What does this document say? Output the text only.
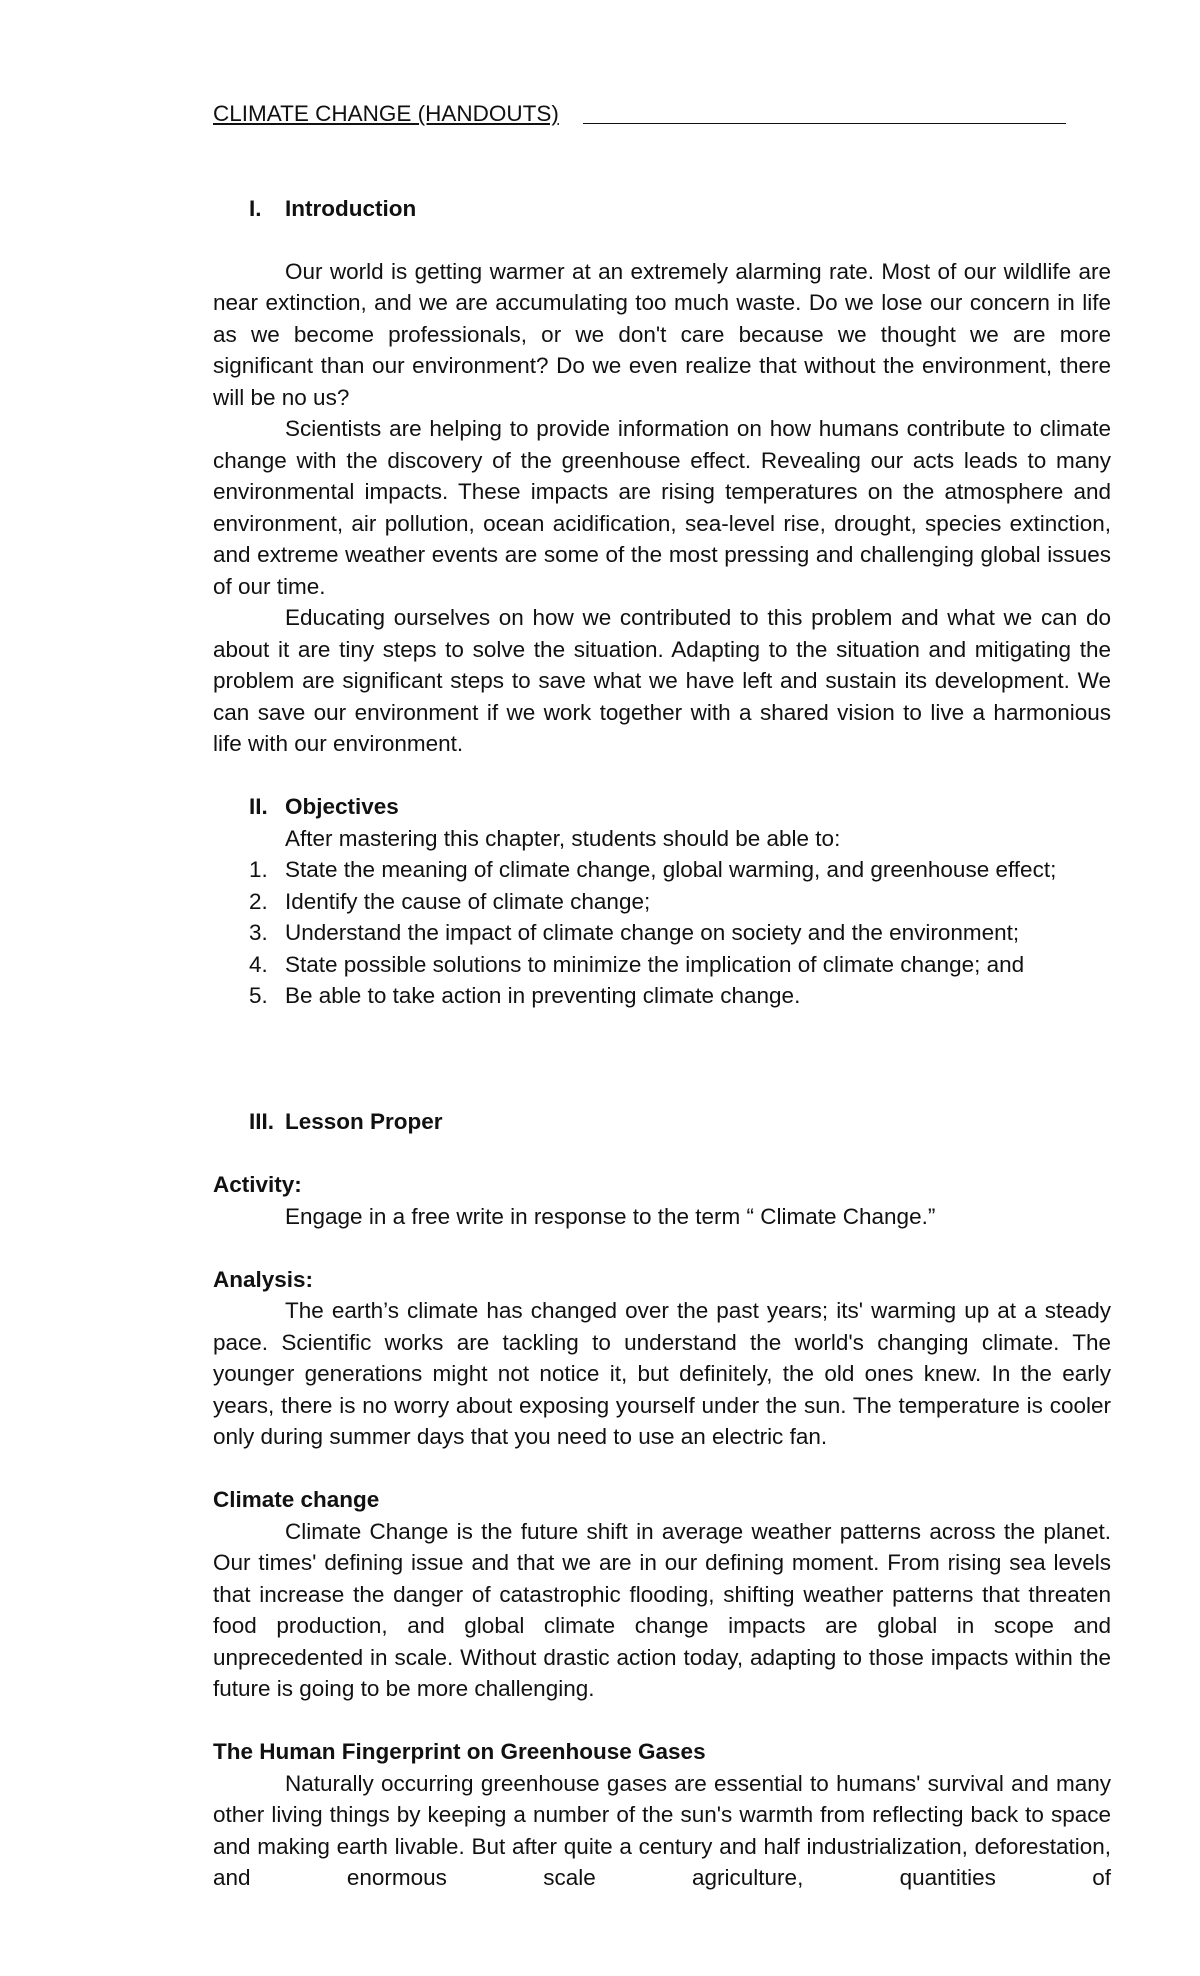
CLIMATE CHANGE (HANDOUTS)
I.	Introduction

Our world is getting warmer at an extremely alarming rate. Most of our wildlife are near extinction, and we are accumulating too much waste. Do we lose our concern in life as we become professionals, or we don't care because we thought we are more significant than our environment? Do we even realize that without the environment, there will be no us?

Scientists are helping to provide information on how humans contribute to climate change with the discovery of the greenhouse effect. Revealing our acts leads to many environmental impacts. These impacts are rising temperatures on the atmosphere and environment, air pollution, ocean acidification, sea-level rise, drought, species extinction, and extreme weather events are some of the most pressing and challenging global issues of our time.

Educating ourselves on how we contributed to this problem and what we can do about it are tiny steps to solve the situation. Adapting to the situation and mitigating the problem are significant steps to save what we have left and sustain its development. We can save our environment if we work together with a shared vision to live a harmonious life with our environment.

II. Objectives

After mastering this chapter, students should be able to:

1. State the meaning of climate change, global warming, and greenhouse effect;
2. Identify the cause of climate change;
3. Understand the impact of climate change on society and the environment;
4. State possible solutions to minimize the implication of climate change; and
5. Be able to take action in preventing climate change.
III. Lesson Proper
Activity:

Engage in a free write in response to the term “ Climate Change.”

Analysis:

The earth’s climate has changed over the past years; its' warming up at a steady pace. Scientific works are tackling to understand the world's changing climate. The younger generations might not notice it, but definitely, the old ones knew. In the early years, there is no worry about exposing yourself under the sun. The temperature is cooler only during summer days that you need to use an electric fan.

Climate change

Climate Change is the future shift in average weather patterns across the planet. Our times' defining issue and that we are in our defining moment. From rising sea levels that increase the danger of catastrophic flooding, shifting weather patterns that threaten food production, and global climate change impacts are global in scope and unprecedented in scale. Without drastic action today, adapting to those impacts within the future is going to be more challenging.

The Human Fingerprint on Greenhouse Gases

Naturally occurring greenhouse gases are essential to humans' survival and many other living things by keeping a number of the sun's warmth from reflecting back to space and making earth livable. But after quite a century and half industrialization, deforestation, and enormous scale agriculture, quantities of
